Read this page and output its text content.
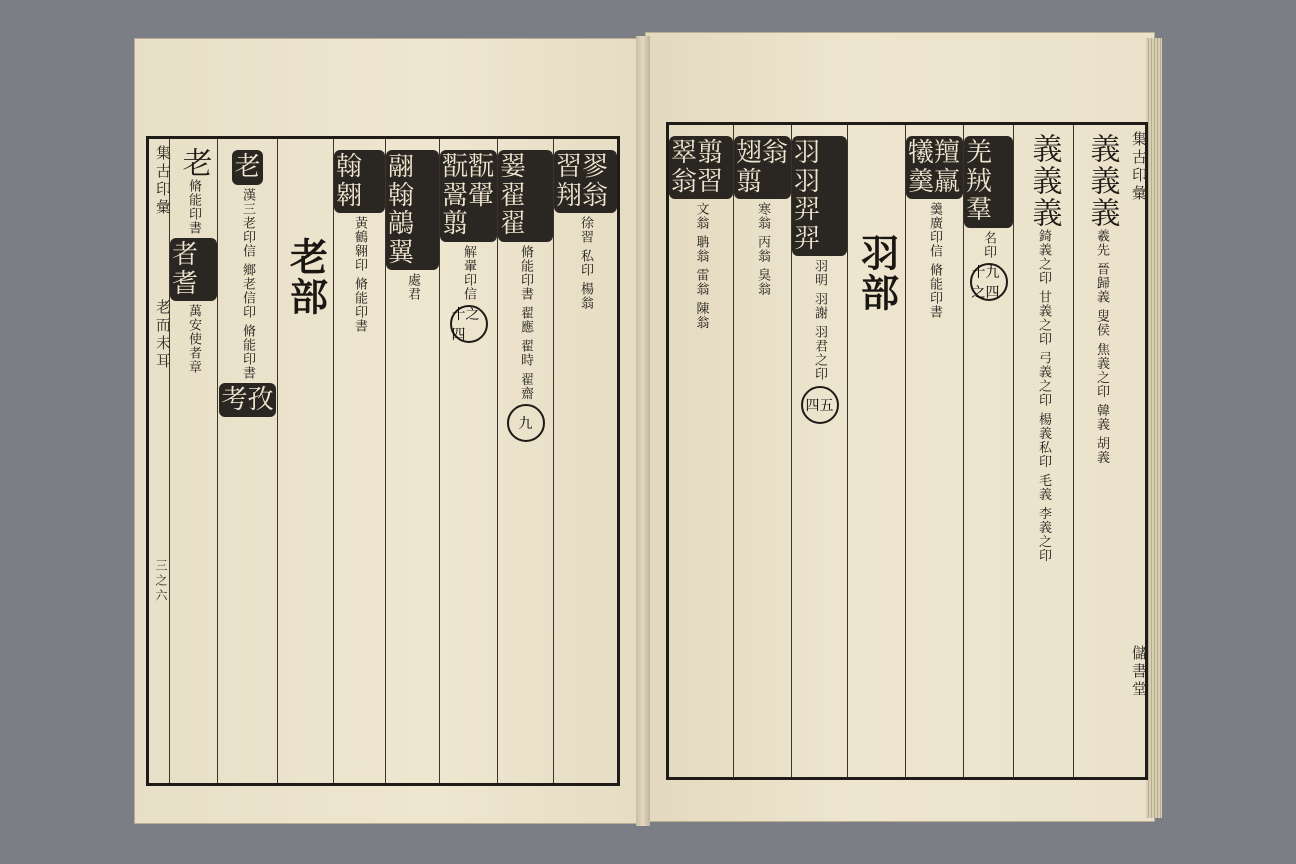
集古印彙
老而未耳
三之六
老
脩能印書
者耆
萬安使者章
老
漢三老印信 鄉老信印 脩能印書
考孜
老部
翰翱
黃鶴翱印 脩能印書
翮翰鶮翼
處君
翫翫翯翬翦
解翬印信
十之四
翣翟翟
脩能印書 翟應 翟時 翟齋
九
習翏翔翁
徐習 私印 楊翁
翠翦翁習
文翁 聃翁 雷翁 陳翁
翅翁翦
寒翁 丙翁 臭翁
羽羽羿羿
羽明 羽謝 羽君之印
四五
羽部
犧羶羹羸
羹廣印信 脩能印書
羌羢羣
名印
十九之四
義義義
錡義之印 甘義之印 弓義之印 楊義私印 毛義 李義之印
義義義
羲先 晉歸義 叟侯 焦義之印 韓義 胡義
集古印彙
儲書堂
